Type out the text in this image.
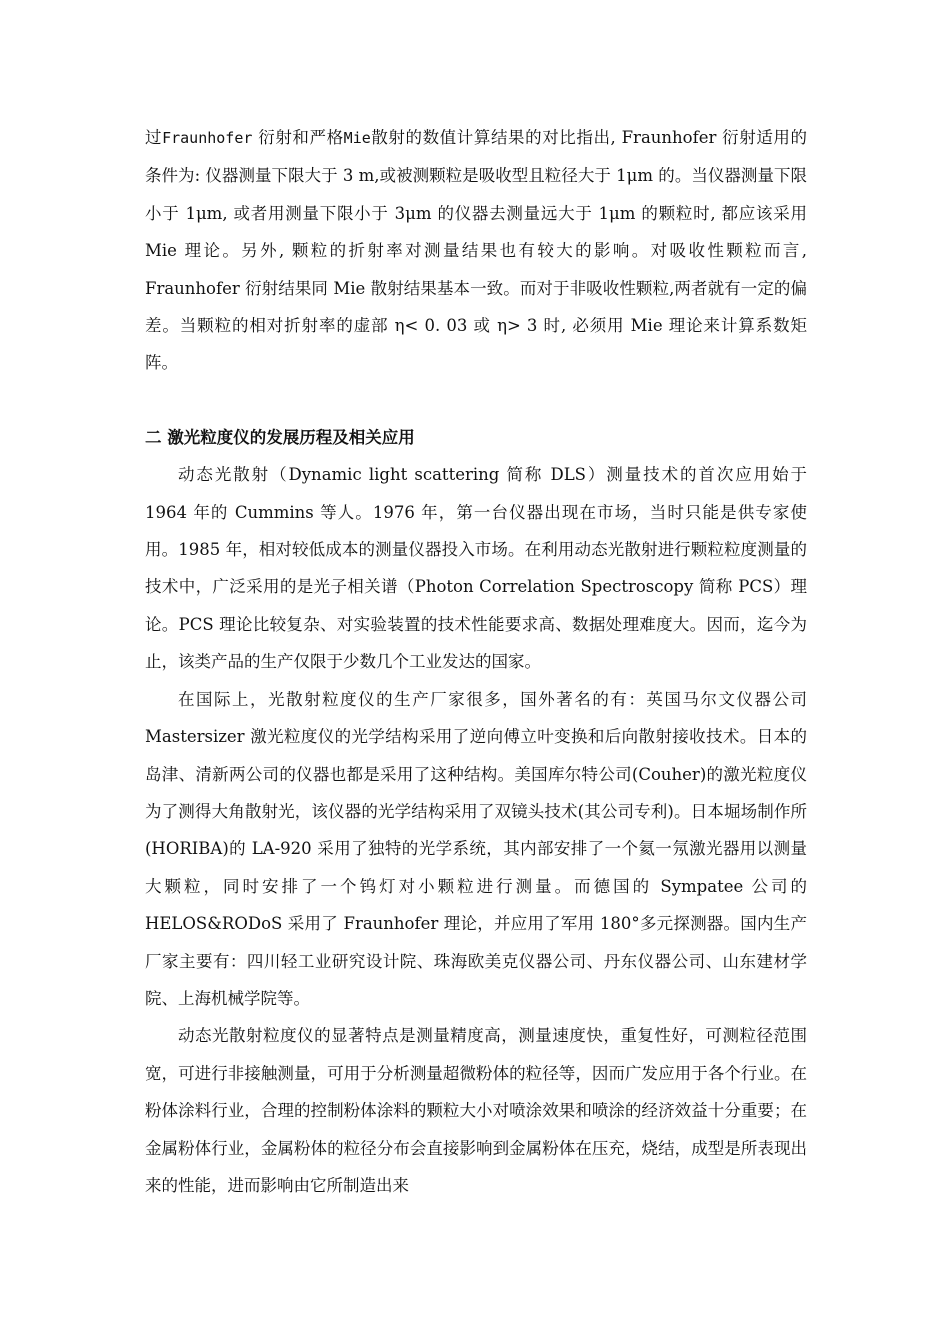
过Fraunhofer 衍射和严格Mie散射的数值计算结果的对比指出, Fraunhofer 衍射适用的条件为: 仪器测量下限大于 3 m,或被测颗粒是吸收型且粒径大于 1μm 的。当仪器测量下限小于 1μm, 或者用测量下限小于 3μm 的仪器去测量远大于 1μm 的颗粒时, 都应该采用 Mie 理论。另外, 颗粒的折射率对测量结果也有较大的影响。对吸收性颗粒而言, Fraunhofer 衍射结果同 Mie 散射结果基本一致。而对于非吸收性颗粒,两者就有一定的偏差。当颗粒的相对折射率的虚部 η< 0. 03 或 η> 3 时, 必须用 Mie 理论来计算系数矩阵。

二 激光粒度仪的发展历程及相关应用

动态光散射（Dynamic light scattering 简称 DLS）测量技术的首次应用始于 1964 年的 Cummins 等人。1976 年，第一台仪器出现在市场，当时只能是供专家使用。1985 年，相对较低成本的测量仪器投入市场。在利用动态光散射进行颗粒粒度测量的技术中，广泛采用的是光子相关谱（Photon Correlation Spectroscopy 简称 PCS）理论。PCS 理论比较复杂、对实验装置的技术性能要求高、数据处理难度大。因而，迄今为止，该类产品的生产仅限于少数几个工业发达的国家。

在国际上，光散射粒度仪的生产厂家很多，国外著名的有：英国马尔文仪器公司 Mastersizer 激光粒度仪的光学结构采用了逆向傅立叶变换和后向散射接收技术。日本的岛津、清新两公司的仪器也都是采用了这种结构。美国库尔特公司(Couher)的激光粒度仪为了测得大角散射光，该仪器的光学结构采用了双镜头技术(其公司专利)。日本堀场制作所(HORIBA)的 LA-920 采用了独特的光学系统，其内部安排了一个氦一氖激光器用以测量大颗粒，同时安排了一个钨灯对小颗粒进行测量。而德国的 Sympatee 公司的 HELOS&RODoS 采用了 Fraunhofer 理论，并应用了军用 180°多元探测器。国内生产厂家主要有：四川轻工业研究设计院、珠海欧美克仪器公司、丹东仪器公司、山东建材学院、上海机械学院等。

动态光散射粒度仪的显著特点是测量精度高，测量速度快，重复性好，可测粒径范围宽，可进行非接触测量，可用于分析测量超微粉体的粒径等，因而广发应用于各个行业。在粉体涂料行业，合理的控制粉体涂料的颗粒大小对喷涂效果和喷涂的经济效益十分重要；在金属粉体行业，金属粉体的粒径分布会直接影响到金属粉体在压充，烧结，成型是所表现出来的性能，进而影响由它所制造出来
